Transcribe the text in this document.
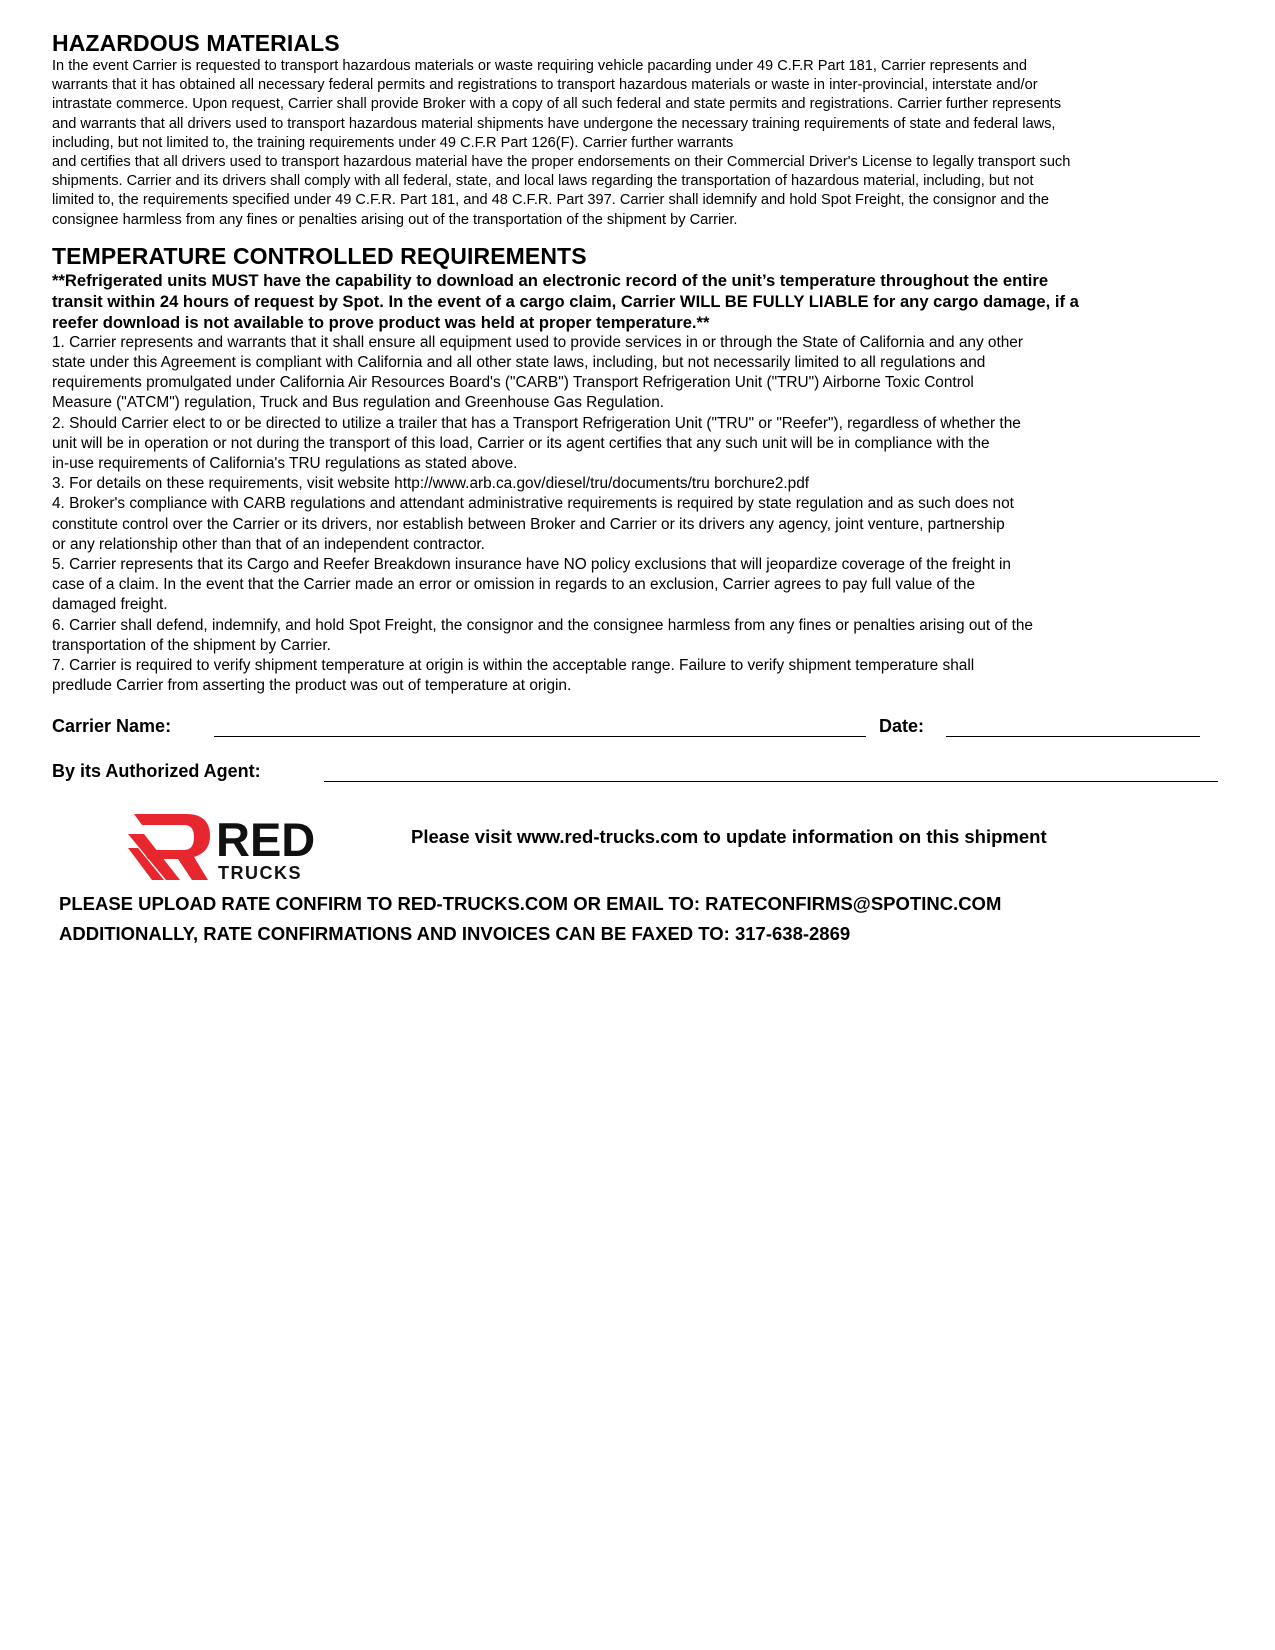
HAZARDOUS MATERIALS
In the event Carrier is requested to transport hazardous materials or waste requiring vehicle pacarding under 49 C.F.R Part 181, Carrier represents and
warrants that it has obtained all necessary federal permits and registrations to transport hazardous materials or waste in inter-provincial, interstate and/or
intrastate commerce. Upon request, Carrier shall provide Broker with a copy of all such federal and state permits and registrations. Carrier further represents
and warrants that all drivers used to transport hazardous material shipments have undergone the necessary training requirements of state and federal laws,
including, but not limited to, the training requirements under 49 C.F.R Part 126(F). Carrier further warrants
and certifies that all drivers used to transport hazardous material have the proper endorsements on their Commercial Driver's License to legally transport such
shipments. Carrier and its drivers shall comply with all federal, state, and local laws regarding the transportation of hazardous material, including, but not
limited to, the requirements specified under 49 C.F.R. Part 181, and 48 C.F.R. Part 397. Carrier shall idemnify and hold Spot Freight, the consignor and the
consignee harmless from any fines or penalties arising out of the transportation of the shipment by Carrier.
TEMPERATURE CONTROLLED REQUIREMENTS
**Refrigerated units MUST have the capability to download an electronic record of the unit’s temperature throughout the entire
transit within 24 hours of request by Spot. In the event of a cargo claim, Carrier WILL BE FULLY LIABLE for any cargo damage, if a
reefer download is not available to prove product was held at proper temperature.**
1. Carrier represents and warrants that it shall ensure all equipment used to provide services in or through the State of California and any other
state under this Agreement is compliant with California and all other state laws, including, but not necessarily limited to all regulations and
requirements promulgated under California Air Resources Board's ("CARB") Transport Refrigeration Unit ("TRU") Airborne Toxic Control
Measure ("ATCM") regulation, Truck and Bus regulation and Greenhouse Gas Regulation.
2. Should Carrier elect to or be directed to utilize a trailer that has a Transport Refrigeration Unit ("TRU" or "Reefer"), regardless of whether the
unit will be in operation or not during the transport of this load, Carrier or its agent certifies that any such unit will be in compliance with the
in-use requirements of California's TRU regulations as stated above.
3. For details on these requirements, visit website http://www.arb.ca.gov/diesel/tru/documents/tru borchure2.pdf
4. Broker's compliance with CARB regulations and attendant administrative requirements is required by state regulation and as such does not
constitute control over the Carrier or its drivers, nor establish between Broker and Carrier or its drivers any agency, joint venture, partnership
or any relationship other than that of an independent contractor.
5. Carrier represents that its Cargo and Reefer Breakdown insurance have NO policy exclusions that will jeopardize coverage of the freight in
case of a claim. In the event that the Carrier made an error or omission in regards to an exclusion, Carrier agrees to pay full value of the
damaged freight.
6. Carrier shall defend, indemnify, and hold Spot Freight, the consignor and the consignee harmless from any fines or penalties arising out of the
transportation of the shipment by Carrier.
7. Carrier is required to verify shipment temperature at origin is within the acceptable range. Failure to verify shipment temperature shall
predlude Carrier from asserting the product was out of temperature at origin.
Carrier Name:	Date:
By its Authorized Agent:
RED
TRUCKS
Please visit www.red-trucks.com to update information on this shipment
PLEASE UPLOAD RATE CONFIRM TO RED-TRUCKS.COM OR EMAIL TO: RATECONFIRMS@SPOTINC.COM
ADDITIONALLY, RATE CONFIRMATIONS AND INVOICES CAN BE FAXED TO: 317-638-2869
